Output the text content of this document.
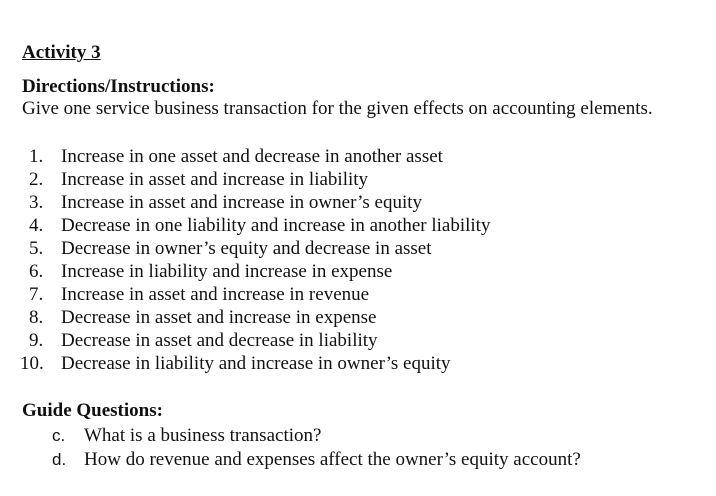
Activity 3
Directions/Instructions:
Give one service business transaction for the given effects on accounting elements.
1. Increase in one asset and decrease in another asset
2. Increase in asset and increase in liability
3. Increase in asset and increase in owner’s equity
4. Decrease in one liability and increase in another liability
5. Decrease in owner’s equity and decrease in asset
6. Increase in liability and increase in expense
7. Increase in asset and increase in revenue
8. Decrease in asset and increase in expense
9. Decrease in asset and decrease in liability
10. Decrease in liability and increase in owner’s equity
Guide Questions:
c. What is a business transaction?
d. How do revenue and expenses affect the owner’s equity account?
